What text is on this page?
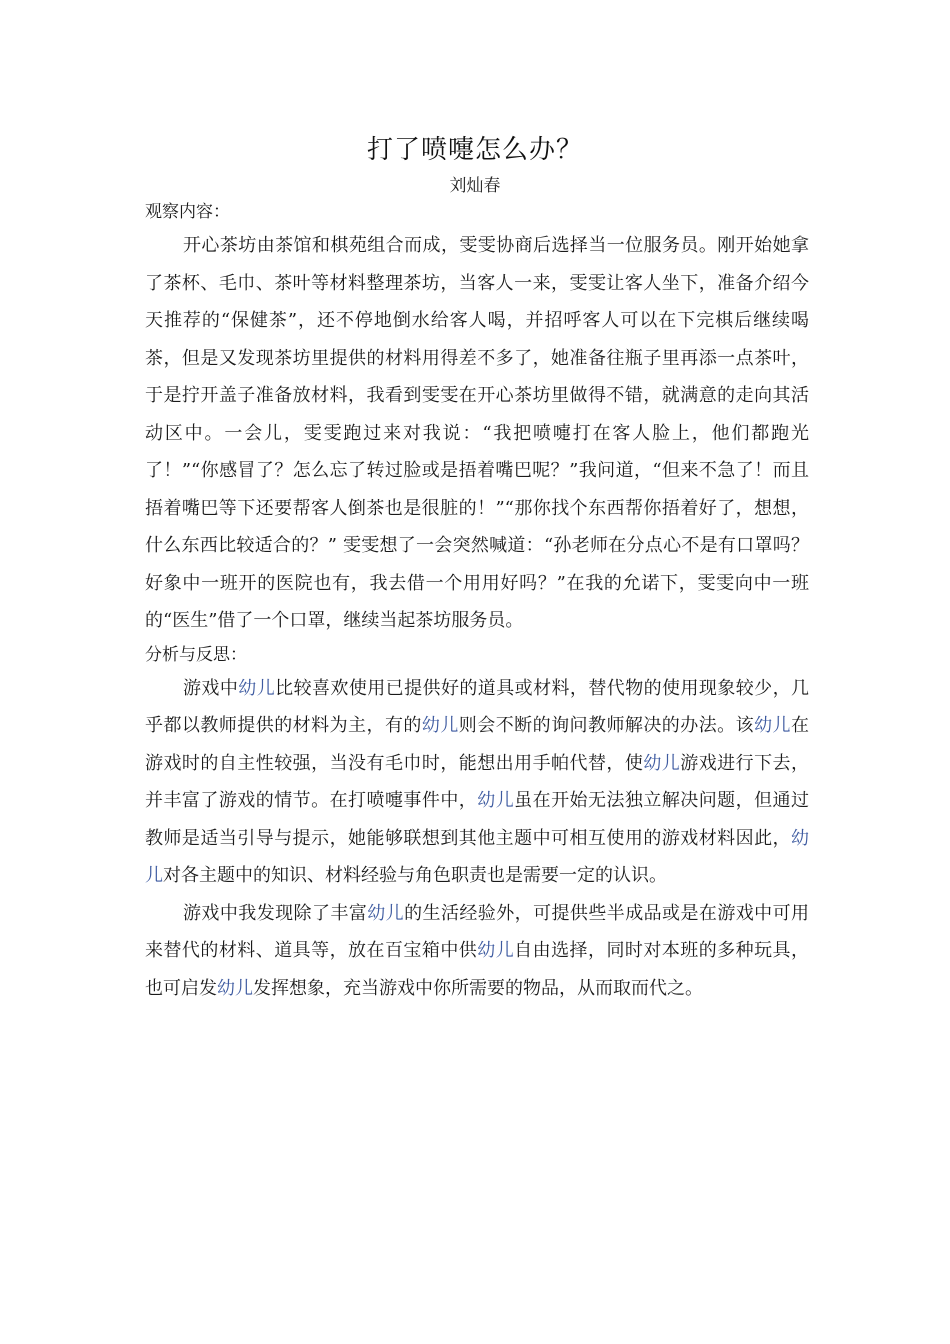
打了喷嚏怎么办？
刘灿春

观察内容：

开心茶坊由茶馆和棋苑组合而成，雯雯协商后选择当一位服务员。刚开始她拿了茶杯、毛巾、茶叶等材料整理茶坊，当客人一来，雯雯让客人坐下，准备介绍今天推荐的“保健茶”，还不停地倒水给客人喝，并招呼客人可以在下完棋后继续喝茶，但是又发现茶坊里提供的材料用得差不多了，她准备往瓶子里再添一点茶叶，于是拧开盖子准备放材料，我看到雯雯在开心茶坊里做得不错，就满意的走向其活动区中。一会儿，雯雯跑过来对我说：“我把喷嚏打在客人脸上，他们都跑光了！”“你感冒了？怎么忘了转过脸或是捂着嘴巴呢？”我问道，“但来不急了！而且捂着嘴巴等下还要帮客人倒茶也是很脏的！”“那你找个东西帮你捂着好了，想想，什么东西比较适合的？” 雯雯想了一会突然喊道：“孙老师在分点心不是有口罩吗？好象中一班开的医院也有，我去借一个用用好吗？”在我的允诺下，雯雯向中一班的“医生”借了一个口罩，继续当起茶坊服务员。

分析与反思：

游戏中幼儿比较喜欢使用已提供好的道具或材料，替代物的使用现象较少，几乎都以教师提供的材料为主，有的幼儿则会不断的询问教师解决的办法。该幼儿在游戏时的自主性较强，当没有毛巾时，能想出用手帕代替，使幼儿游戏进行下去，并丰富了游戏的情节。在打喷嚏事件中，幼儿虽在开始无法独立解决问题，但通过教师是适当引导与提示，她能够联想到其他主题中可相互使用的游戏材料因此，幼儿对各主题中的知识、材料经验与角色职责也是需要一定的认识。

游戏中我发现除了丰富幼儿的生活经验外，可提供些半成品或是在游戏中可用来替代的材料、道具等，放在百宝箱中供幼儿自由选择，同时对本班的多种玩具，也可启发幼儿发挥想象，充当游戏中你所需要的物品，从而取而代之。
